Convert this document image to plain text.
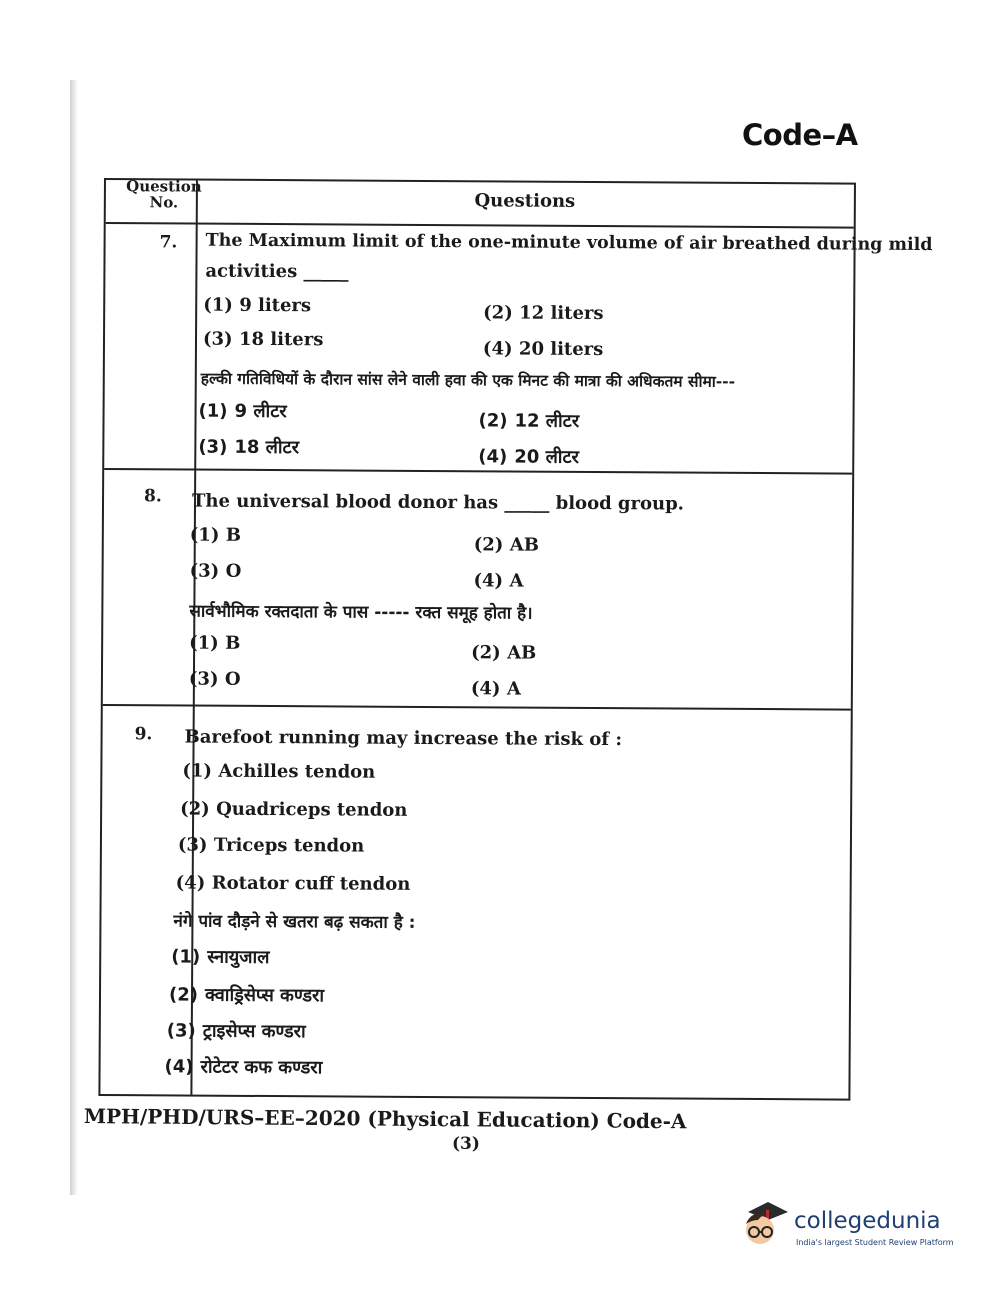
Code–A
Question No.	Questions
7. The Maximum limit of the one-minute volume of air breathed during mild
activities _____
(1) 9 liters	(2) 12 liters
(3) 18 liters	(4) 20 liters
हल्की गतिविधियों के दौरान सांस लेने वाली हवा की एक मिनट की मात्रा की अधिकतम सीमा---
(1) 9 लीटर	(2) 12 लीटर
(3) 18 लीटर	(4) 20 लीटर
8. The universal blood donor has _____ blood group.
(1) B	(2) AB
(3) O	(4) A
सार्वभौमिक रक्तदाता के पास ----- रक्त समूह होता है।
(1) B	(2) AB
(3) O	(4) A
9. Barefoot running may increase the risk of :
(1) Achilles tendon
(2) Quadriceps tendon
(3) Triceps tendon
(4) Rotator cuff tendon
नंगे पांव दौड़ने से खतरा बढ़ सकता है :
(1) स्नायुजाल
(2) क्वाड्रिसेप्स कण्डरा
(3) ट्राइसेप्स कण्डरा
(4) रोटेटर कफ कण्डरा
MPH/PHD/URS–EE–2020 (Physical Education) Code-A
(3)
collegedunia
India's largest Student Review Platform
